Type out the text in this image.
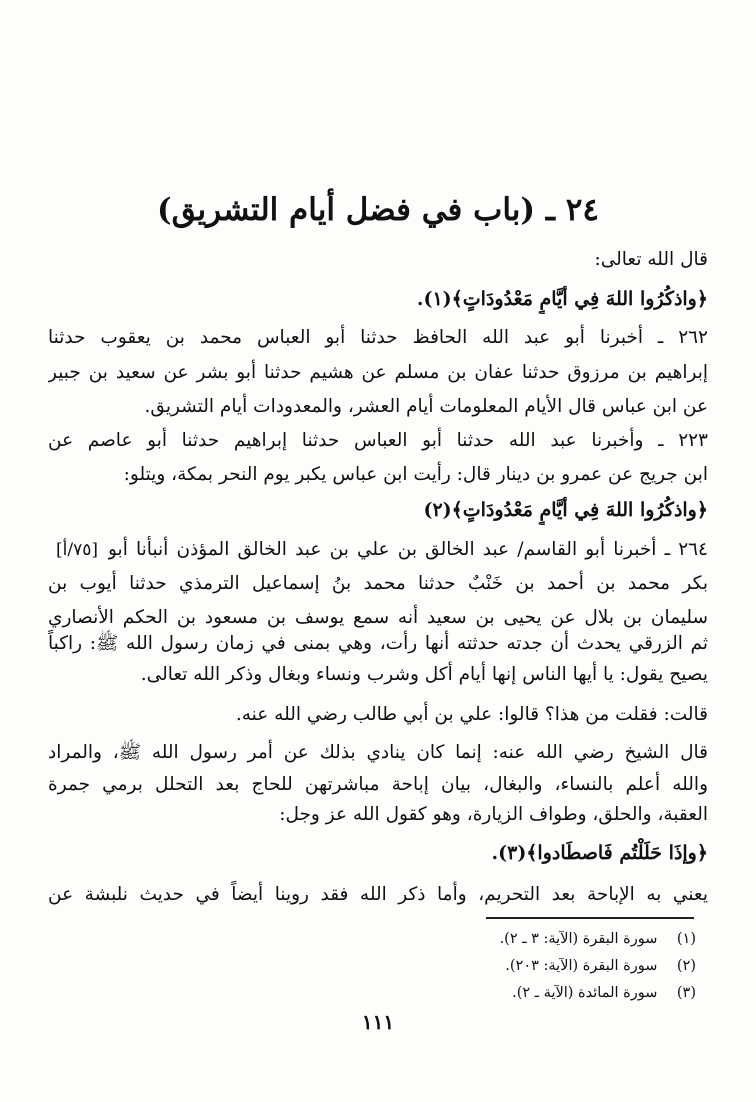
٢٤ ـ (باب في فضل أيام التشريق)
قال الله تعالى:
﴿واذكُرُوا اللهَ فِي أيَّامٍ مَعْدُودَاتٍ﴾(١).
٢٦٢ ـ أخبرنا أبو عبد الله الحافظ حدثنا أبو العباس محمد بن يعقوب حدثنا
إبراهيم بن مرزوق حدثنا عفان بن مسلم عن هشيم حدثنا أبو بشر عن سعيد بن جبير
عن ابن عباس قال الأيام المعلومات أيام العشر، والمعدودات أيام التشريق.
٢٢٣ ـ وأخبرنا عبد الله حدثنا أبو العباس حدثنا إبراهيم حدثنا أبو عاصم عن
ابن جريج عن عمرو بن دينار قال: رأيت ابن عباس يكبر يوم النحر بمكة، ويتلو:
﴿واذكُرُوا اللهَ فِي أيَّامٍ مَعْدُودَاتٍ﴾(٢)
[٧٥/أ] ٢٦٤ ـ أخبرنا أبو القاسم/ عبد الخالق بن علي بن عبد الخالق المؤذن أنبأنا أبو
بكر محمد بن أحمد بن خَنْبٌ حدثنا محمد بنُ إسماعيل الترمذي حدثنا أيوب بن
سليمان بن بلال عن يحيى بن سعيد أنه سمع يوسف بن مسعود بن الحكم الأنصاري
ثم الزرقي يحدث أن جدته حدثته أنها رأت، وهي بمنى في زمان رسول الله ﷺ: راكباً
يصيح يقول: يا أيها الناس إنها أيام أكل وشرب ونساء وبغال وذكر الله تعالى.
قالت: فقلت من هذا؟ قالوا: علي بن أبي طالب رضي الله عنه.
قال الشيخ رضي الله عنه: إنما كان ينادي بذلك عن أمر رسول الله ﷺ، والمراد
والله أعلم بالنساء، والبغال، بيان إباحة مباشرتهن للحاج بعد التحلل برمي جمرة
العقبة، والحلق، وطواف الزيارة، وهو كقول الله عز وجل:
﴿وإذَا حَلَلْتُم فَاصطَادوا﴾(٣).
يعني به الإباحة بعد التحريم، وأما ذكر الله فقد روينا أيضاً في حديث نلبشة عن
(١) سورة البقرة (الآية: ٣ ـ ٢).
(٢) سورة البقرة (الآية: ٢٠٣).
(٣) سورة المائدة (الآية ـ ٢).
١١١
